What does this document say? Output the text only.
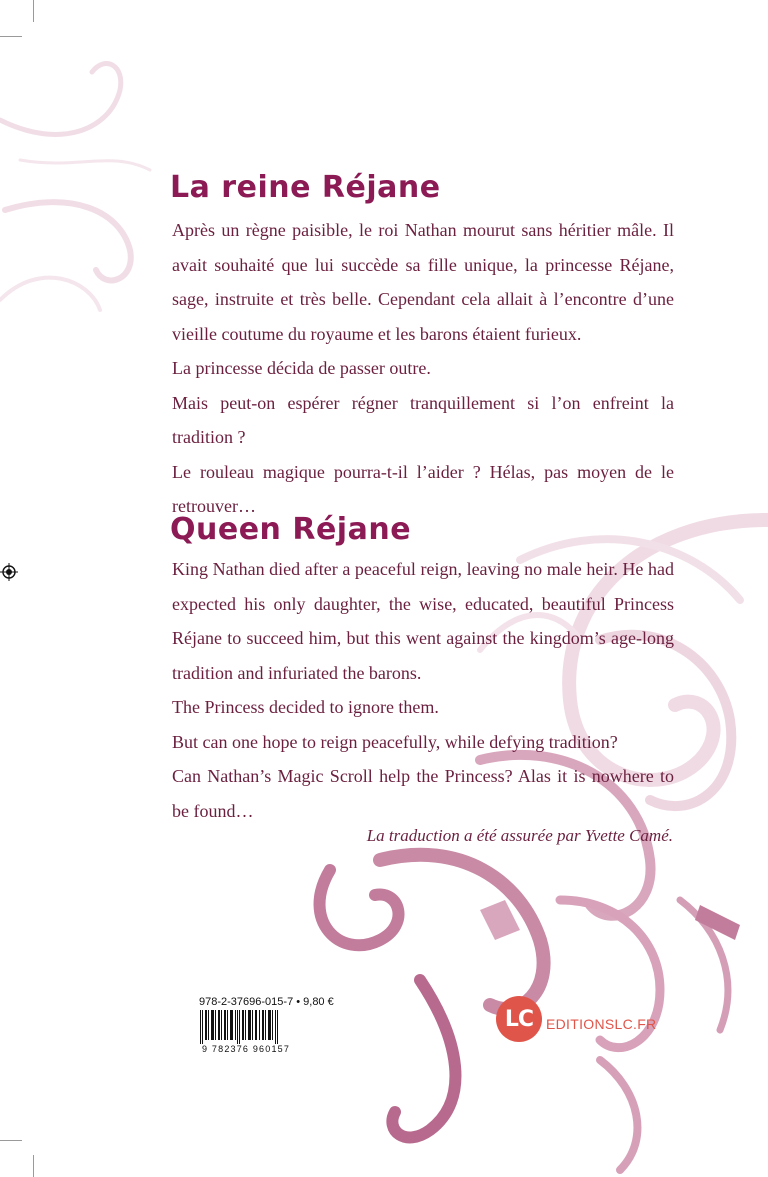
La reine Réjane

Après un règne paisible, le roi Nathan mourut sans héritier mâle. Il avait souhaité que lui succède sa fille unique, la princesse Réjane, sage, instruite et très belle. Cependant cela allait à l’encontre d’une vieille coutume du royaume et les barons étaient furieux.

La princesse décida de passer outre.

Mais peut-on espérer régner tranquillement si l’on enfreint la tradition ?

Le rouleau magique pourra-t-il l’aider ? Hélas, pas moyen de le retrouver…

Queen Réjane

King Nathan died after a peaceful reign, leaving no male heir. He had expected his only daughter, the wise, educated, beautiful Princess Réjane to succeed him, but this went against the kingdom’s age-long tradition and infuriated the barons.

The Princess decided to ignore them.

But can one hope to reign peacefully, while defying tradition?

Can Nathan’s Magic Scroll help the Princess? Alas it is nowhere to be found…

La traduction a été assurée par Yvette Camé.
978-2-37696-015-7 • 9,80 €
9 782376 960157
LC EDITIONSLC.FR
